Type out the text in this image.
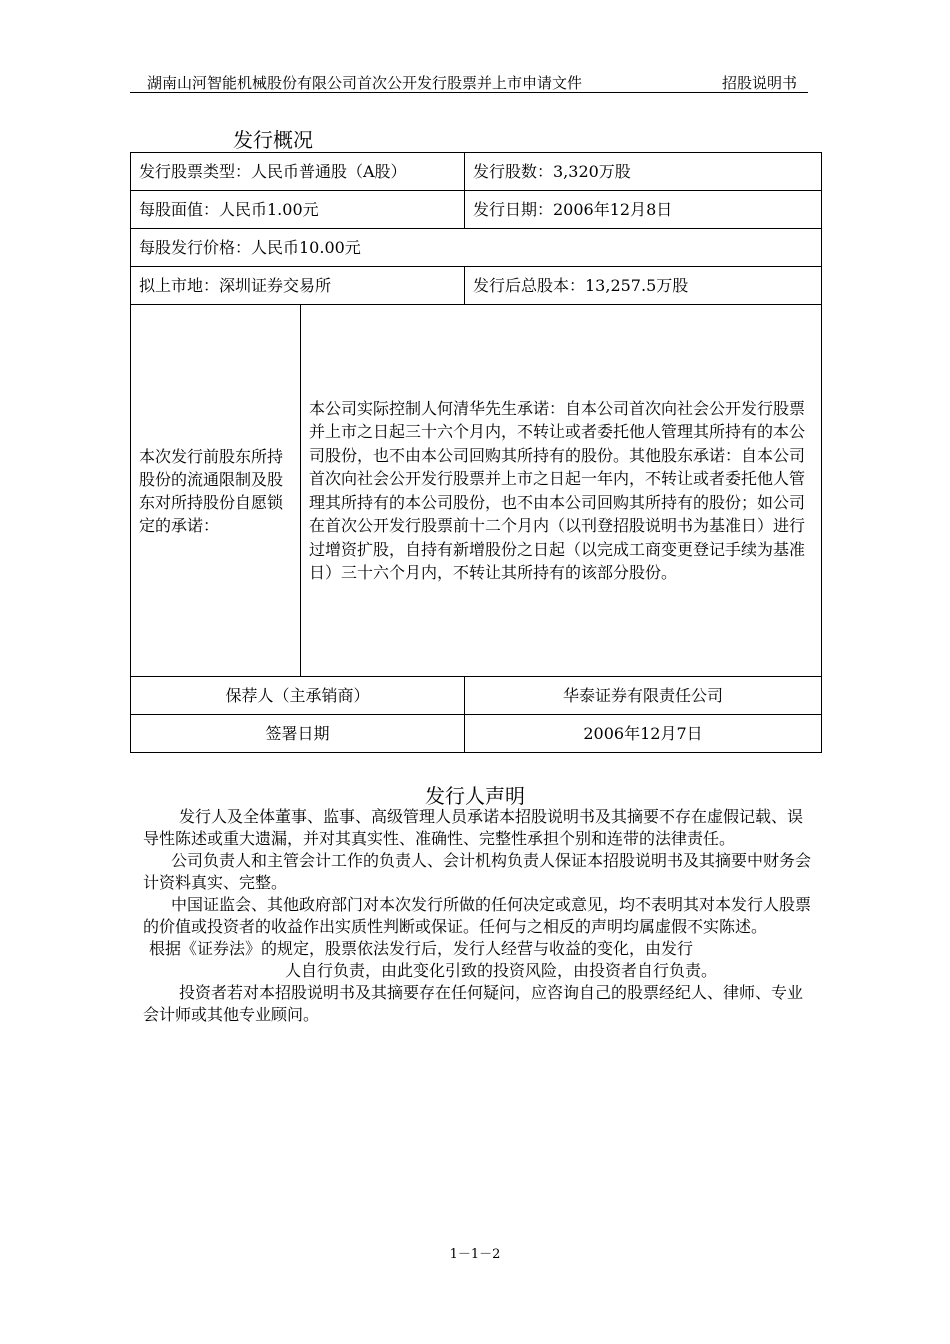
湖南山河智能机械股份有限公司首次公开发行股票并上市申请文件	招股说明书
发行概况
发行股票类型：人民币普通股（A股）		发行股数：3,320万股
每股面值：人民币1.00元		发行日期：2006年12月8日
每股发行价格：人民币10.00元		
拟上市地：深圳证券交易所		发行后总股本：13,257.5万股
本次发行前股东所持股份的流通限制及股东对所持股份自愿锁定的承诺：	本公司实际控制人何清华先生承诺：自本公司首次向社会公开发行股票并上市之日起三十六个月内，不转让或者委托他人管理其所持有的本公司股份，也不由本公司回购其所持有的股份。其他股东承诺：自本公司首次向社会公开发行股票并上市之日起一年内，不转让或者委托他人管理其所持有的本公司股份，也不由本公司回购其所持有的股份；如公司在首次公开发行股票前十二个月内（以刊登招股说明书为基准日）进行过增资扩股，自持有新增股份之日起（以完成工商变更登记手续为基准日）三十六个月内，不转让其所持有的该部分股份。	
保荐人（主承销商）		华泰证券有限责任公司
签署日期		2006年12月7日
发行人声明

发行人及全体董事、监事、高级管理人员承诺本招股说明书及其摘要不存在虚假记载、误导性陈述或重大遗漏，并对其真实性、准确性、完整性承担个别和连带的法律责任。

公司负责人和主管会计工作的负责人、会计机构负责人保证本招股说明书及其摘要中财务会计资料真实、完整。

中国证监会、其他政府部门对本次发行所做的任何决定或意见，均不表明其对本发行人股票的价值或投资者的收益作出实质性判断或保证。任何与之相反的声明均属虚假不实陈述。

根据《证券法》的规定，股票依法发行后，发行人经营与收益的变化，由发行
人自行负责，由此变化引致的投资风险，由投资者自行负责。

投资者若对本招股说明书及其摘要存在任何疑问，应咨询自己的股票经纪人、律师、专业会计师或其他专业顾问。

1－1－2
